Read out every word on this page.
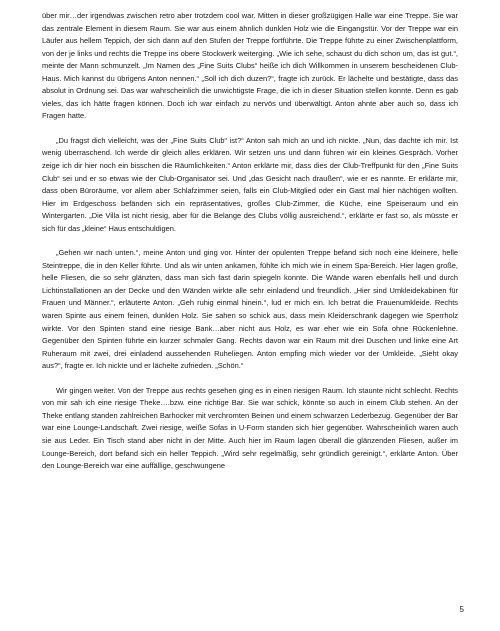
über mir…der irgendwas zwischen retro aber trotzdem cool war. Mitten in dieser großzügigen Halle war eine Treppe. Sie war das zentrale Element in diesem Raum. Sie war aus einem ähnlich dunklen Holz wie die Eingangstür. Vor der Treppe war ein Läufer aus hellem Teppich, der sich dann auf den Stufen der Treppe fortführte. Die Treppe führte zu einer Zwischenplattform, von der je links und rechts die Treppe ins obere Stockwerk weiterging. „Wie ich sehe, schaust du dich schon um, das ist gut.“, meinte der Mann schmunzelt. „Im Namen des „Fine Suits Clubs“ heiße ich dich Willkommen in unserem bescheidenen Club-Haus. Mich kannst du übrigens Anton nennen.“ „Soll ich dich duzen?“, fragte ich zurück. Er lächelte und bestätigte, dass das absolut in Ordnung sei. Das war wahrscheinlich die unwichtigste Frage, die ich in dieser Situation stellen konnte. Denn es gab vieles, das ich hätte fragen können. Doch ich war einfach zu nervös und überwältigt. Anton ahnte aber auch so, dass ich Fragen hatte.

„Du fragst dich vielleicht, was der „Fine Suits Club“ ist?“ Anton sah mich an und ich nickte. „Nun, das dachte ich mir. Ist wenig überraschend. Ich werde dir gleich alles erklären. Wir setzen uns und dann führen wir ein kleines Gespräch. Vorher zeige ich dir hier noch ein bisschen die Räumlichkeiten.“ Anton erklärte mir, dass dies der Club-Treffpunkt für den „Fine Suits Club“ sei und er so etwas wie der Club-Organisator sei. Und „das Gesicht nach draußen“, wie er es nannte. Er erklärte mir, dass oben Büroräume, vor allem aber Schlafzimmer seien, falls ein Club-Mitglied oder ein Gast mal hier nächtigen wollten. Hier im Erdgeschoss befänden sich ein repräsentatives, großes Club-Zimmer, die Küche, eine Speiseraum und ein Wintergarten. „Die Villa ist nicht riesig, aber für die Belange des Clubs völlig ausreichend.“, erklärte er fast so, als müsste er sich für das „kleine“ Haus entschuldigen.

„Gehen wir nach unten.“, meine Anton und ging vor. Hinter der opulenten Treppe befand sich noch eine kleinere, helle Steintreppe, die in den Keller führte. Und als wir unten ankamen, fühlte ich mich wie in einem Spa-Bereich. Hier lagen große, helle Fliesen, die so sehr glänzten, dass man sich fast darin spiegeln konnte. Die Wände waren ebenfalls hell und durch Lichtinstallationen an der Decke und den Wänden wirkte alle sehr einladend und freundlich. „Hier sind Umkleidekabinen für Frauen und Männer.“, erläuterte Anton. „Geh ruhig einmal hinein.“, lud er mich ein. Ich betrat die Frauenumkleide. Rechts waren Spinte aus einem feinen, dunklen Holz. Sie sahen so schick aus, dass mein Kleiderschrank dagegen wie Sperrholz wirkte. Vor den Spinten stand eine riesige Bank…aber nicht aus Holz, es war eher wie ein Sofa ohne Rückenlehne. Gegenüber den Spinten führte ein kurzer schmaler Gang. Rechts davon war ein Raum mit drei Duschen und linke eine Art Ruheraum mit zwei, drei einladend aussehenden Ruheliegen. Anton empfing mich wieder vor der Umkleide. „Sieht okay aus?“, fragte er. Ich nickte und er lächelte zufrieden. „Schön.“

Wir gingen weiter. Von der Treppe aus rechts gesehen ging es in einen riesigen Raum. Ich staunte nicht schlecht. Rechts von mir sah ich eine riesige Theke….bzw. eine richtige Bar. Sie war schick, könnte so auch in einem Club stehen. An der Theke entlang standen zahlreichen Barhocker mit verchromten Beinen und einem schwarzen Lederbezug. Gegenüber der Bar war eine Lounge-Landschaft. Zwei riesige, weiße Sofas in U-Form standen sich hier gegenüber. Wahrscheinlich waren auch sie aus Leder. Ein Tisch stand aber nicht in der Mitte. Auch hier im Raum lagen überall die glänzenden Fliesen, außer im Lounge-Bereich, dort befand sich ein heller Teppich. „Wird sehr regelmäßig, sehr gründlich gereinigt.“, erklärte Anton. Über den Lounge-Bereich war eine auffällige, geschwungene

5
